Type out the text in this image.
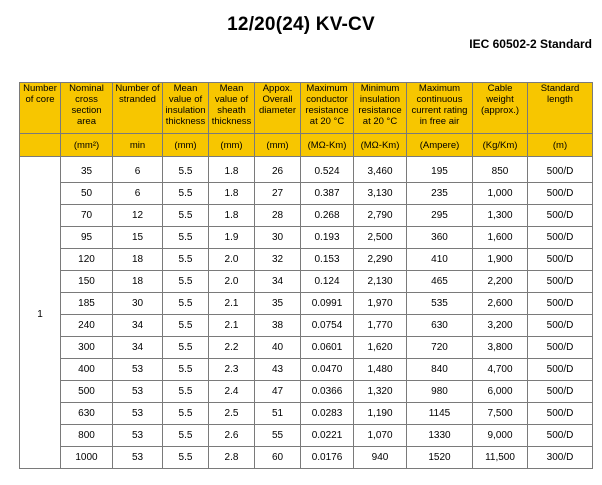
12/20(24) KV-CV
IEC 60502-2 Standard
Number of core	Nominal cross section area	Number of stranded	Mean value of insulation thickness	Mean value of sheath thickness	Appox. Overall diameter	Maximum conductor resistance at 20 °C	Minimum insulation resistance at 20 °C	Maximum continuous current rating in free air	Cable weight (approx.)	Standard length
	(mm²)	min	(mm)	(mm)	(mm)	(MΩ-Km)	(MΩ-Km)	(Ampere)	(Kg/Km)	(m)
1	35	6	5.5	1.8	26	0.524	3,460	195	850	500/D
	50	6	5.5	1.8	27	0.387	3,130	235	1,000	500/D
	70	12	5.5	1.8	28	0.268	2,790	295	1,300	500/D
	95	15	5.5	1.9	30	0.193	2,500	360	1,600	500/D
	120	18	5.5	2.0	32	0.153	2,290	410	1,900	500/D
	150	18	5.5	2.0	34	0.124	2,130	465	2,200	500/D
	185	30	5.5	2.1	35	0.0991	1,970	535	2,600	500/D
	240	34	5.5	2.1	38	0.0754	1,770	630	3,200	500/D
	300	34	5.5	2.2	40	0.0601	1,620	720	3,800	500/D
	400	53	5.5	2.3	43	0.0470	1,480	840	4,700	500/D
	500	53	5.5	2.4	47	0.0366	1,320	980	6,000	500/D
	630	53	5.5	2.5	51	0.0283	1,190	1145	7,500	500/D
	800	53	5.5	2.6	55	0.0221	1,070	1330	9,000	500/D
	1000	53	5.5	2.8	60	0.0176	940	1520	11,500	300/D
